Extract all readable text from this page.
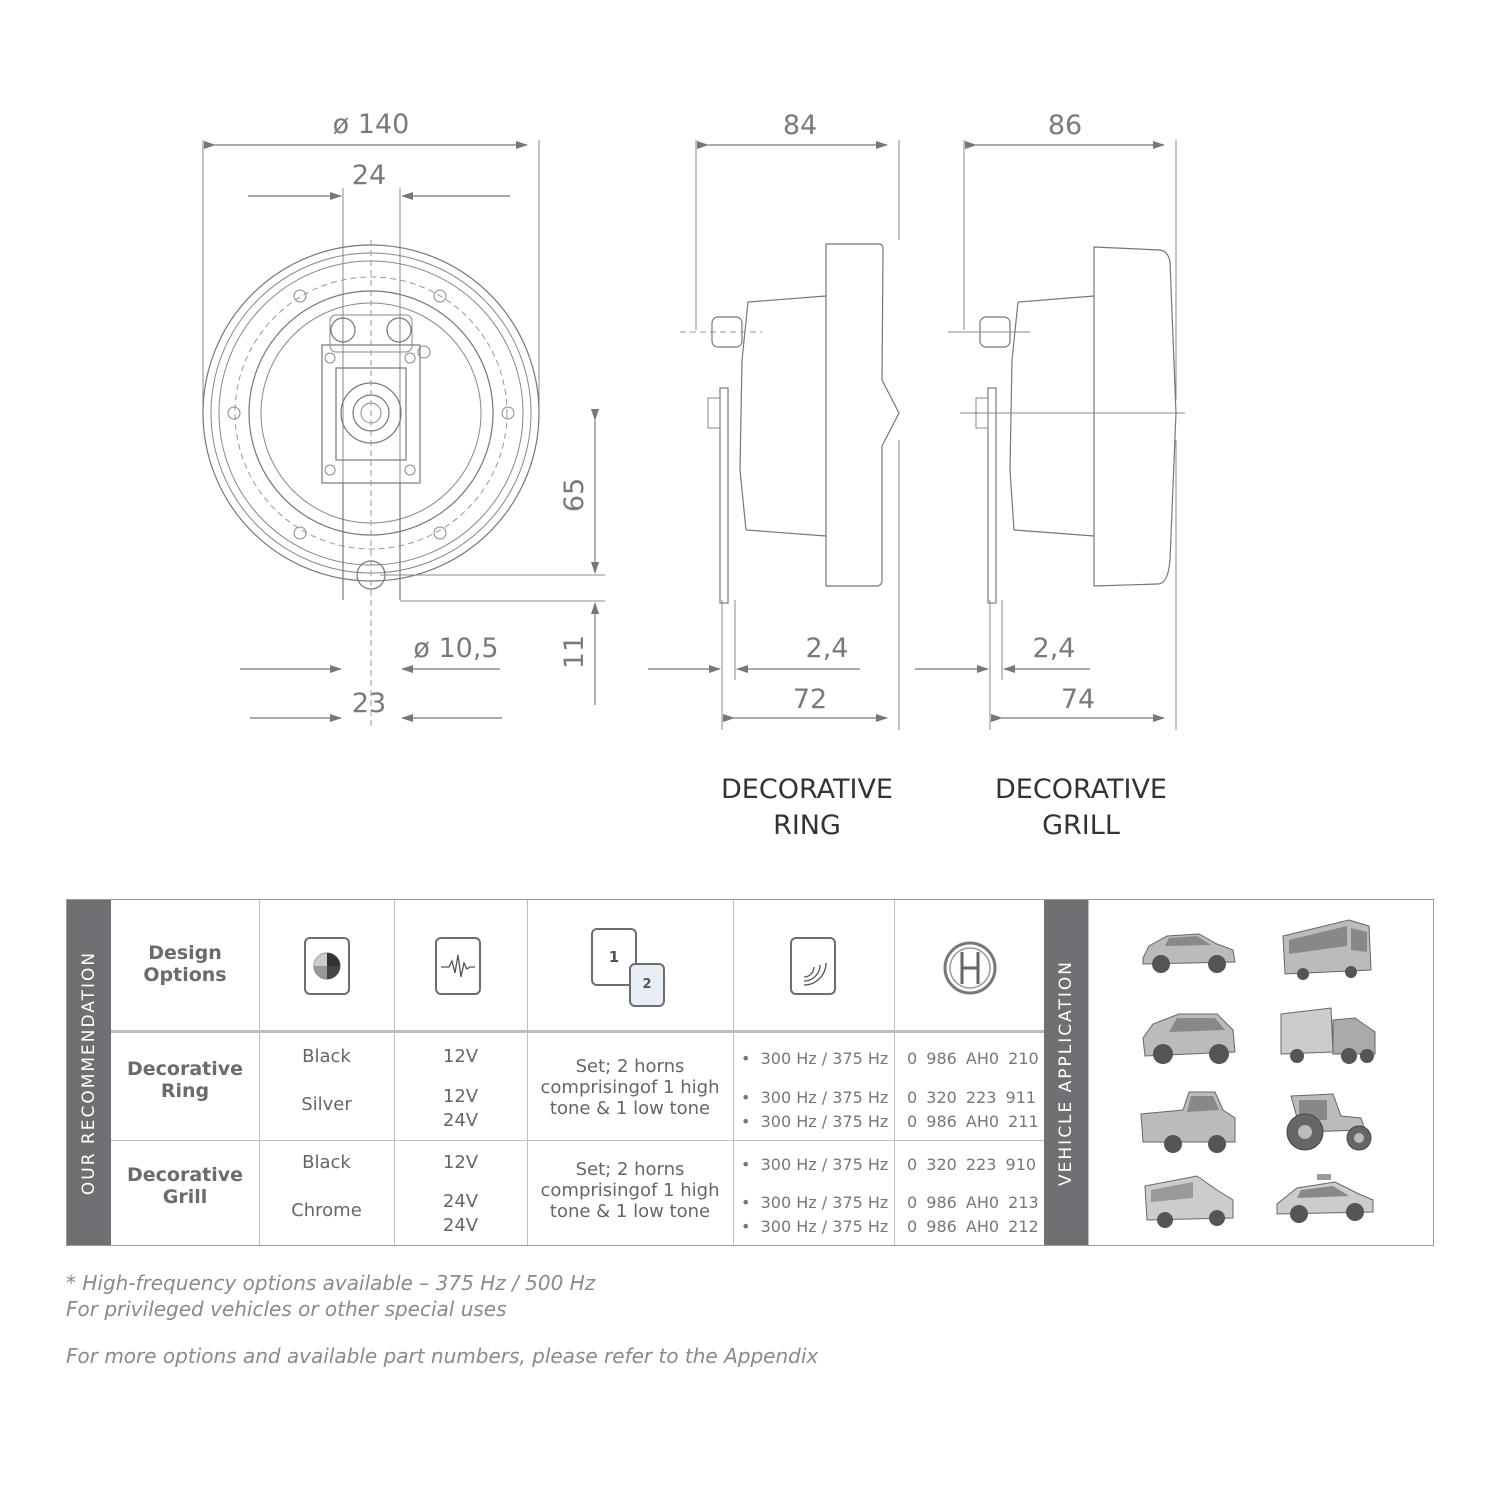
ø 140
24
65
11
ø 10,5
23
84
2,4
72
DECORATIVE
RING
86
2,4
74
DECORATIVE
GRILL
OUR RECOMMENDATION	VEHICLE APPLICATION
Design
Options
1
2
Decorative
Ring
Black
Silver
12V
12V
24V
Set; 2 horns
comprisingof 1 high
tone & 1 low tone
•  300 Hz / 375 Hz
•  300 Hz / 375 Hz
•  300 Hz / 375 Hz
0 986 AH0 210
0 320 223 911
0 986 AH0 211
Decorative
Grill
Black
Chrome
12V
24V
24V
Set; 2 horns
comprisingof 1 high
tone & 1 low tone
•  300 Hz / 375 Hz
•  300 Hz / 375 Hz
•  300 Hz / 375 Hz
0 320 223 910
0 986 AH0 213
0 986 AH0 212
* High-frequency options available – 375 Hz / 500 Hz
For privileged vehicles or other special uses
For more options and available part numbers, please refer to the Appendix
